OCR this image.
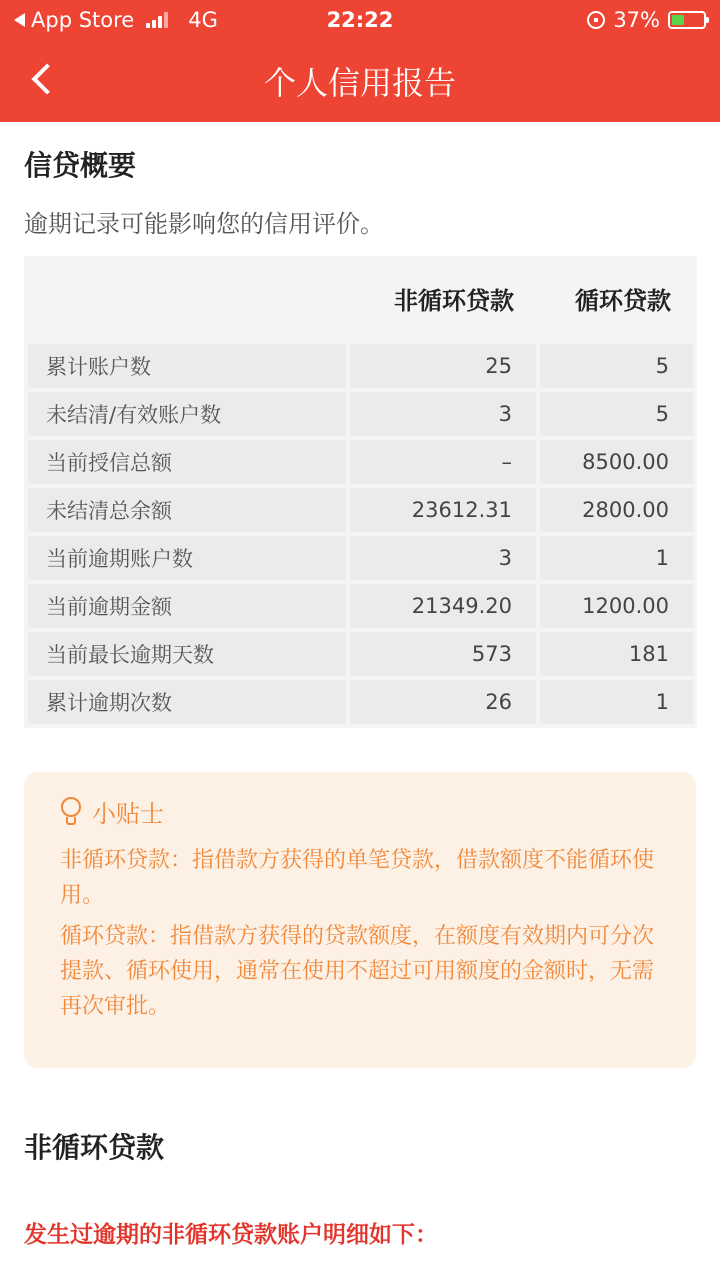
App Store	4G	22:22	37%
个人信用报告
信贷概要
逾期记录可能影响您的信用评价。
非循环贷款	循环贷款
累计账户数	25	5
未结清/有效账户数	3	5
当前授信总额	–	8500.00
未结清总余额	23612.31	2800.00
当前逾期账户数	3	1
当前逾期金额	21349.20	1200.00
当前最长逾期天数	573	181
累计逾期次数	26	1
小贴士

非循环贷款：指借款方获得的单笔贷款，借款额度不能循环使用。

循环贷款：指借款方获得的贷款额度，在额度有效期内可分次提款、循环使用，通常在使用不超过可用额度的金额时，无需再次审批。

非循环贷款
发生过逾期的非循环贷款账户明细如下：
